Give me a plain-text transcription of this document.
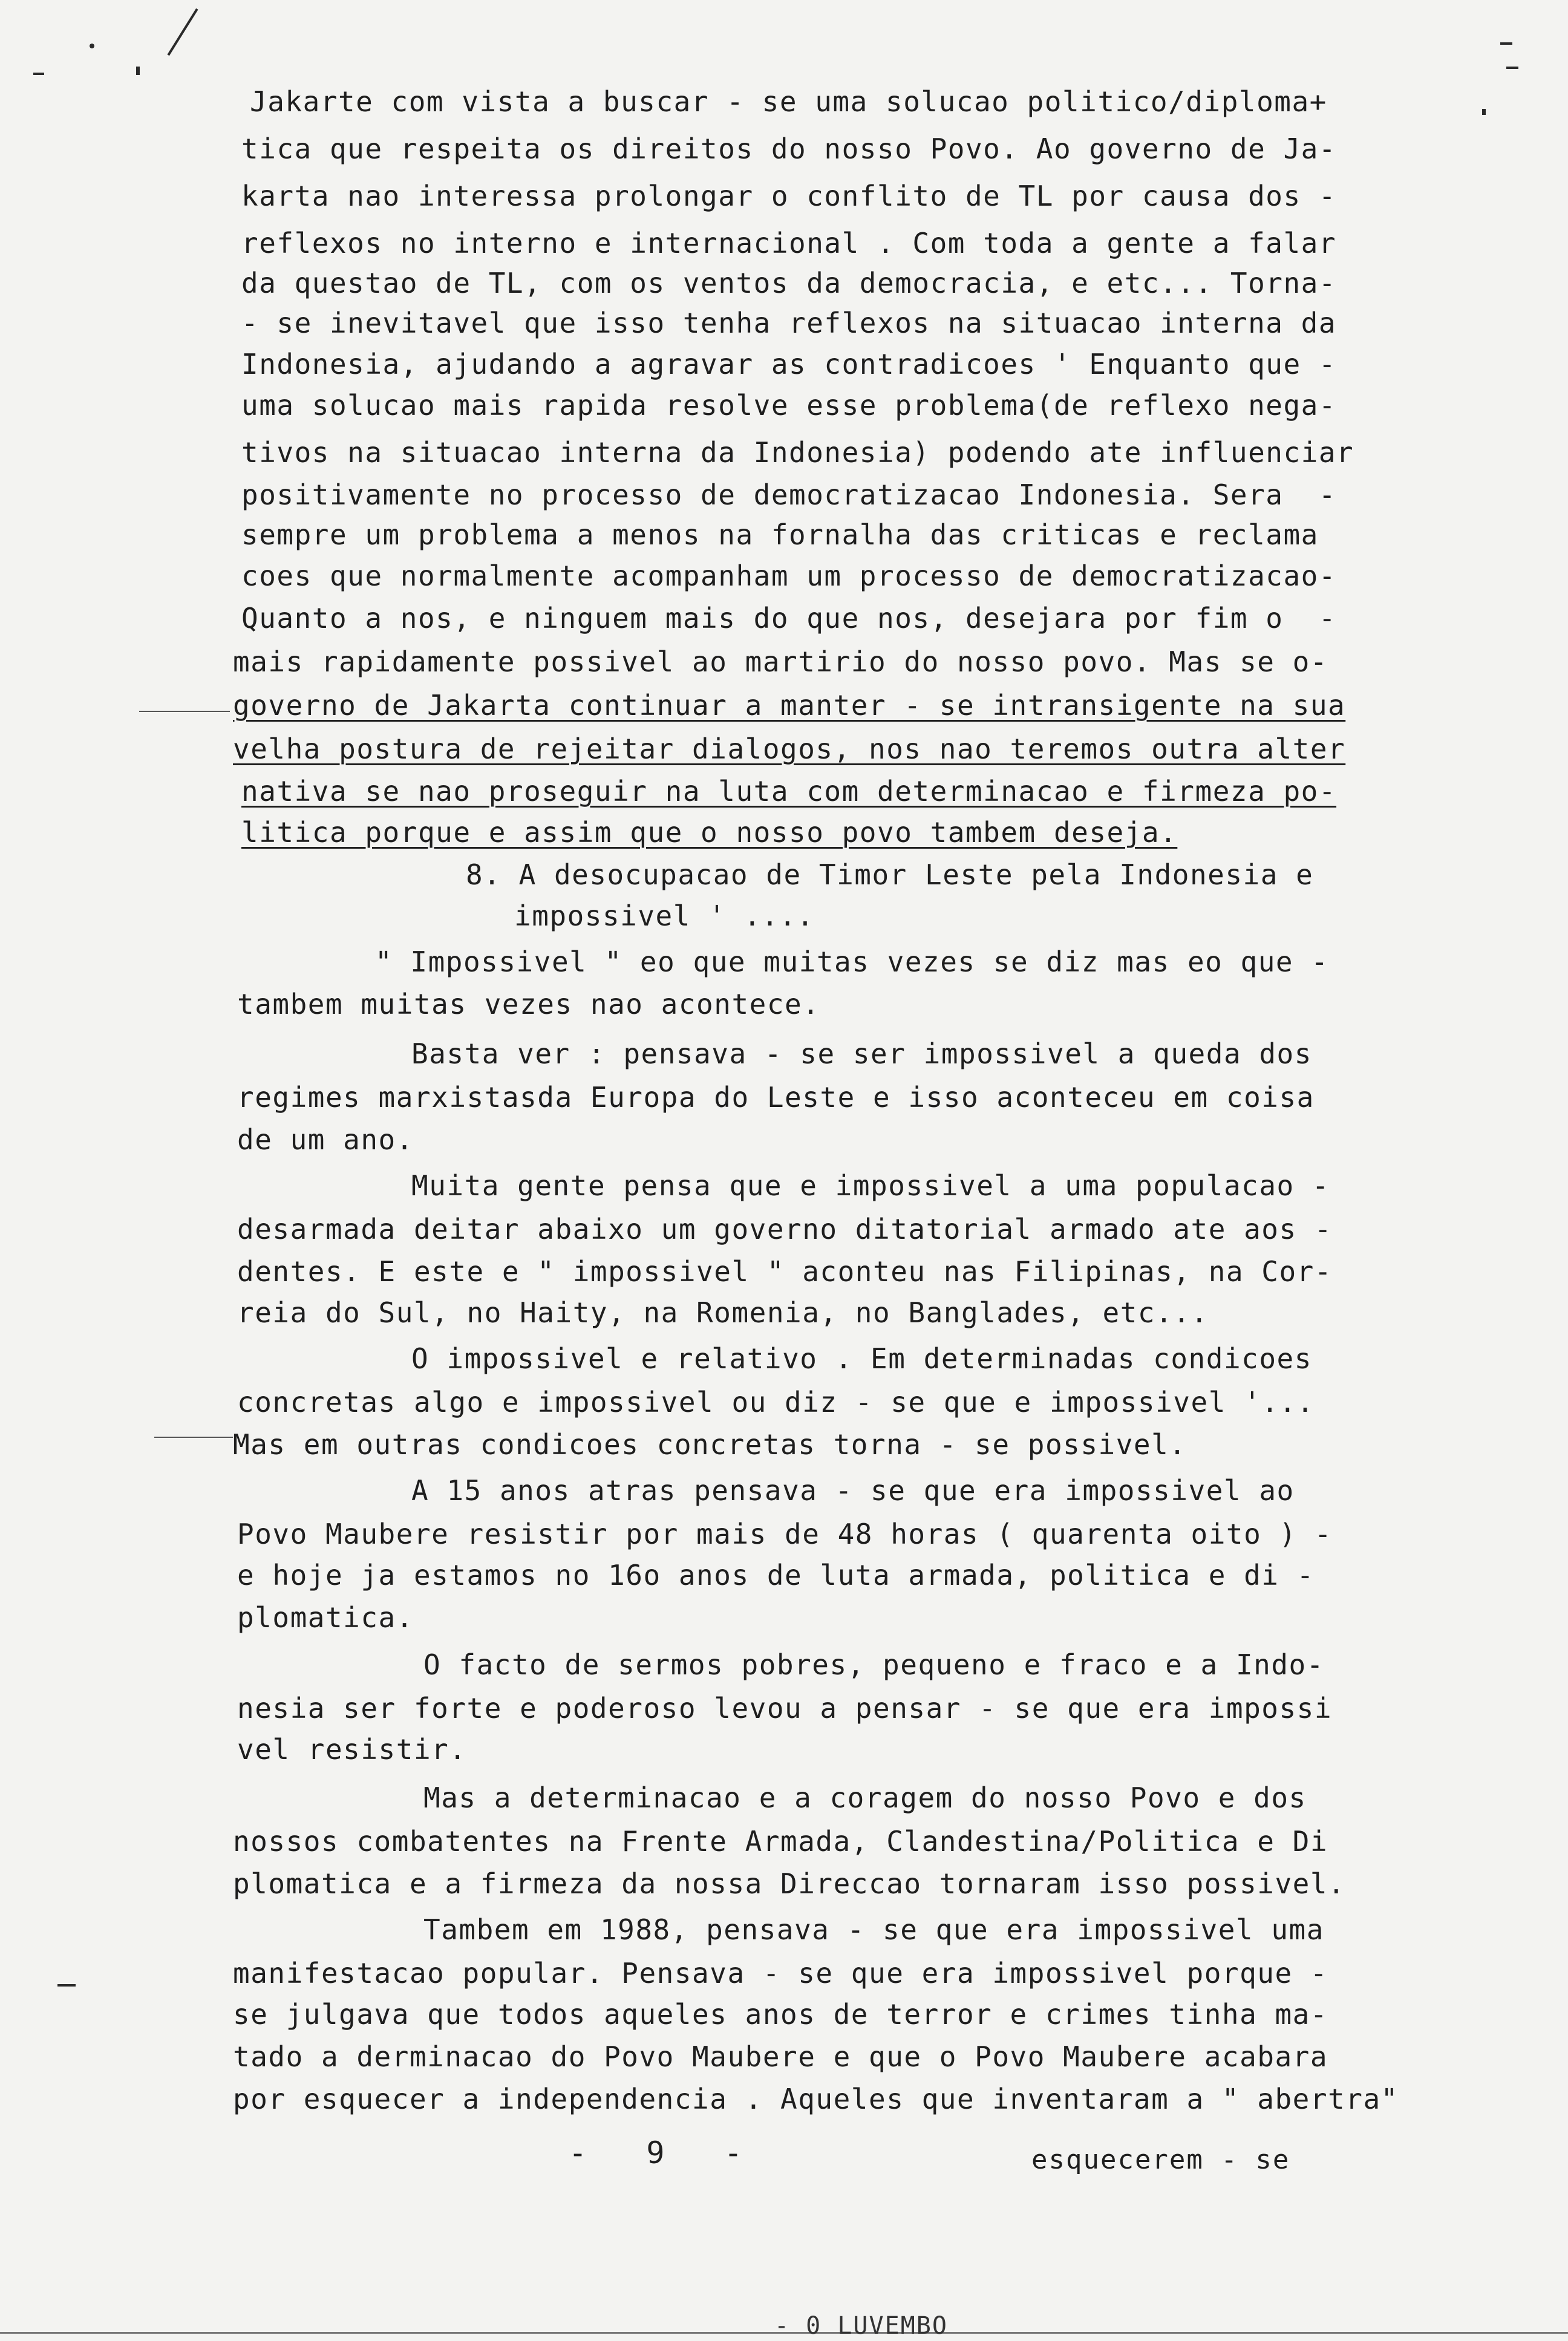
Jakarte com vista a buscar - se uma solucao politico/diploma+
tica que respeita os direitos do nosso Povo. Ao governo de Ja-
karta nao interessa prolongar o conflito de TL por causa dos -
reflexos no interno e internacional . Com toda a gente a falar
da questao de TL, com os ventos da democracia, e etc... Torna-
- se inevitavel que isso tenha reflexos na situacao interna da
Indonesia, ajudando a agravar as contradicoes ' Enquanto que -
uma solucao mais rapida resolve esse problema(de reflexo nega-
tivos na situacao interna da Indonesia) podendo ate influenciar
positivamente no processo de democratizacao Indonesia. Sera  -
sempre um problema a menos na fornalha das criticas e reclama
coes que normalmente acompanham um processo de democratizacao-
Quanto a nos, e ninguem mais do que nos, desejara por fim o  -
mais rapidamente possivel ao martirio do nosso povo. Mas se o-
governo de Jakarta continuar a manter - se intransigente na sua
velha postura de rejeitar dialogos, nos nao teremos outra alter
nativa se nao proseguir na luta com determinacao e firmeza po-
litica porque e assim que o nosso povo tambem deseja.
8. A desocupacao de Timor Leste pela Indonesia e
impossivel ' ....
" Impossivel " eo que muitas vezes se diz mas eo que -
tambem muitas vezes nao acontece.
Basta ver : pensava - se ser impossivel a queda dos
regimes marxistasda Europa do Leste e isso aconteceu em coisa
de um ano.
Muita gente pensa que e impossivel a uma populacao -
desarmada deitar abaixo um governo ditatorial armado ate aos -
dentes. E este e " impossivel " aconteu nas Filipinas, na Cor-
reia do Sul, no Haity, na Romenia, no Banglades, etc...
O impossivel e relativo . Em determinadas condicoes
concretas algo e impossivel ou diz - se que e impossivel '...
Mas em outras condicoes concretas torna - se possivel.
A 15 anos atras pensava - se que era impossivel ao
Povo Maubere resistir por mais de 48 horas ( quarenta oito ) -
e hoje ja estamos no 16o anos de luta armada, politica e di -
plomatica.
O facto de sermos pobres, pequeno e fraco e a Indo-
nesia ser forte e poderoso levou a pensar - se que era impossi
vel resistir.
Mas a determinacao e a coragem do nosso Povo e dos
nossos combatentes na Frente Armada, Clandestina/Politica e Di
plomatica e a firmeza da nossa Direccao tornaram isso possivel.
Tambem em 1988, pensava - se que era impossivel uma
manifestacao popular. Pensava - se que era impossivel porque -
se julgava que todos aqueles anos de terror e crimes tinha ma-
tado a derminacao do Povo Maubere e que o Povo Maubere acabara
por esquecer a independencia . Aqueles que inventaram a " abertra"
-   9   -	esquecerem - se
- 0 LUVEMBO
